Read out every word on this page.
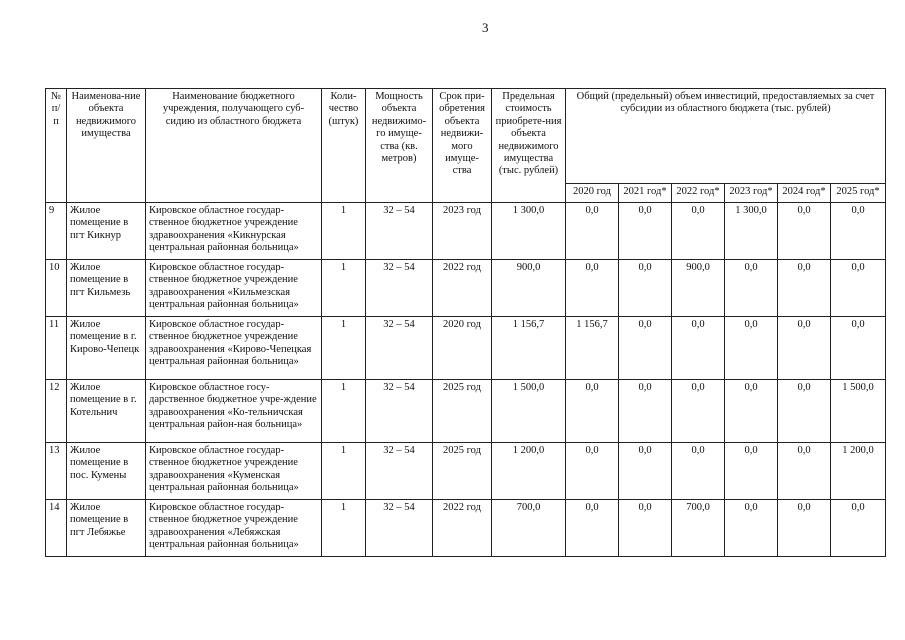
3
№ п/п	Наименова-ние объекта недвижимого имущества	Наименование бюджетного учреждения, получающего суб-сидию из областного бюджета	Коли-чество (штук)	Мощность объекта недвижимо-го имуще-ства (кв. метров)	Срок при-обретения объекта недвижи-мого имуще-ства	Предельная стоимость приобрете-ния объекта недвижимого имущества (тыс. рублей)	Общий (предельный) объем инвестиций, предоставляемых за счет субсидии из областного бюджета (тыс. рублей)					
							2020 год	2021 год*	2022 год*	2023 год*	2024 год*	2025 год*
9	Жилое помещение в пгт Кикнур	Кировское областное государ-ственное бюджетное учреждение здравоохранения «Кикнурская центральная районная больница»	1	32 – 54	2023 год	1 300,0	0,0	0,0	0,0	1 300,0	0,0	0,0
10	Жилое помещение в пгт Кильмезь	Кировское областное государ-ственное бюджетное учреждение здравоохранения «Кильмезская центральная районная больница»	1	32 – 54	2022 год	900,0	0,0	0,0	900,0	0,0	0,0	0,0
11	Жилое помещение в г. Кирово-Чепецк	Кировское областное государ-ственное бюджетное учреждение здравоохранения «Кирово-Чепецкая центральная районная больница»	1	32 – 54	2020 год	1 156,7	1 156,7	0,0	0,0	0,0	0,0	0,0
12	Жилое помещение в г. Котельнич	Кировское областное госу-дарственное бюджетное учре-ждение здравоохранения «Ко-тельничская центральная район-ная больница»	1	32 – 54	2025 год	1 500,0	0,0	0,0	0,0	0,0	0,0	1 500,0
13	Жилое помещение в пос. Кумены	Кировское областное государ-ственное бюджетное учреждение здравоохранения «Куменская центральная районная больница»	1	32 – 54	2025 год	1 200,0	0,0	0,0	0,0	0,0	0,0	1 200,0
14	Жилое помещение в пгт Лебяжье	Кировское областное государ-ственное бюджетное учреждение здравоохранения «Лебяжская центральная районная больница»	1	32 – 54	2022 год	700,0	0,0	0,0	700,0	0,0	0,0	0,0
